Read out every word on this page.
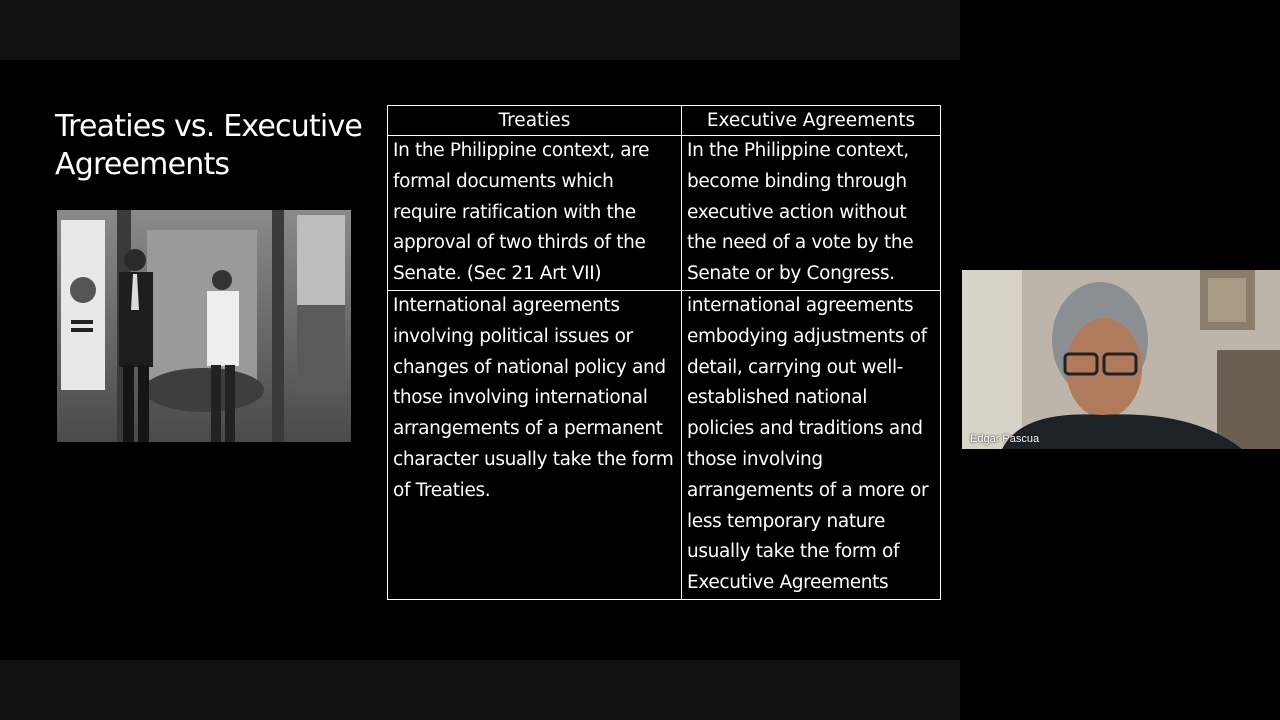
Treaties vs. Executive Agreements
Treaties	Executive Agreements
In the Philippine context, are formal documents which require ratification with the approval of two thirds of the Senate. (Sec 21 Art VII)	In the Philippine context, become binding through executive action without the need of a vote by the Senate or by Congress.
International agreements involving political issues or changes of national policy and those involving international arrangements of a permanent character usually take the form of Treaties.	international agreements embodying adjustments of detail, carrying out well-established national policies and traditions and those involving arrangements of a more or less temporary nature usually take the form of Executive Agreements
Edgar Pascua
